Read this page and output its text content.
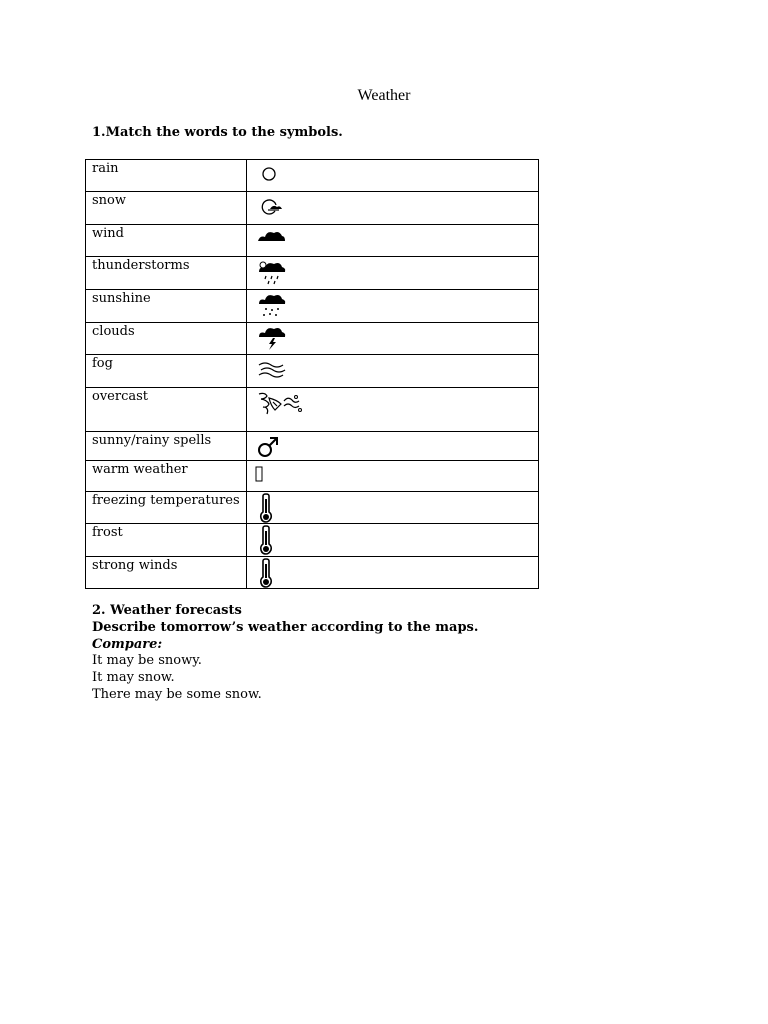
Weather
1.Match the words to the symbols.
rain	

snow	

wind	

thunderstorms	

sunshine	

clouds	

fog	

overcast	

sunny/rainy spells	

warm weather	

freezing temperatures	

frost	

strong winds	
2. Weather forecasts
Describe tomorrow’s weather according to the maps.
Compare:
It may be snowy.
It may snow.
There may be some snow.
